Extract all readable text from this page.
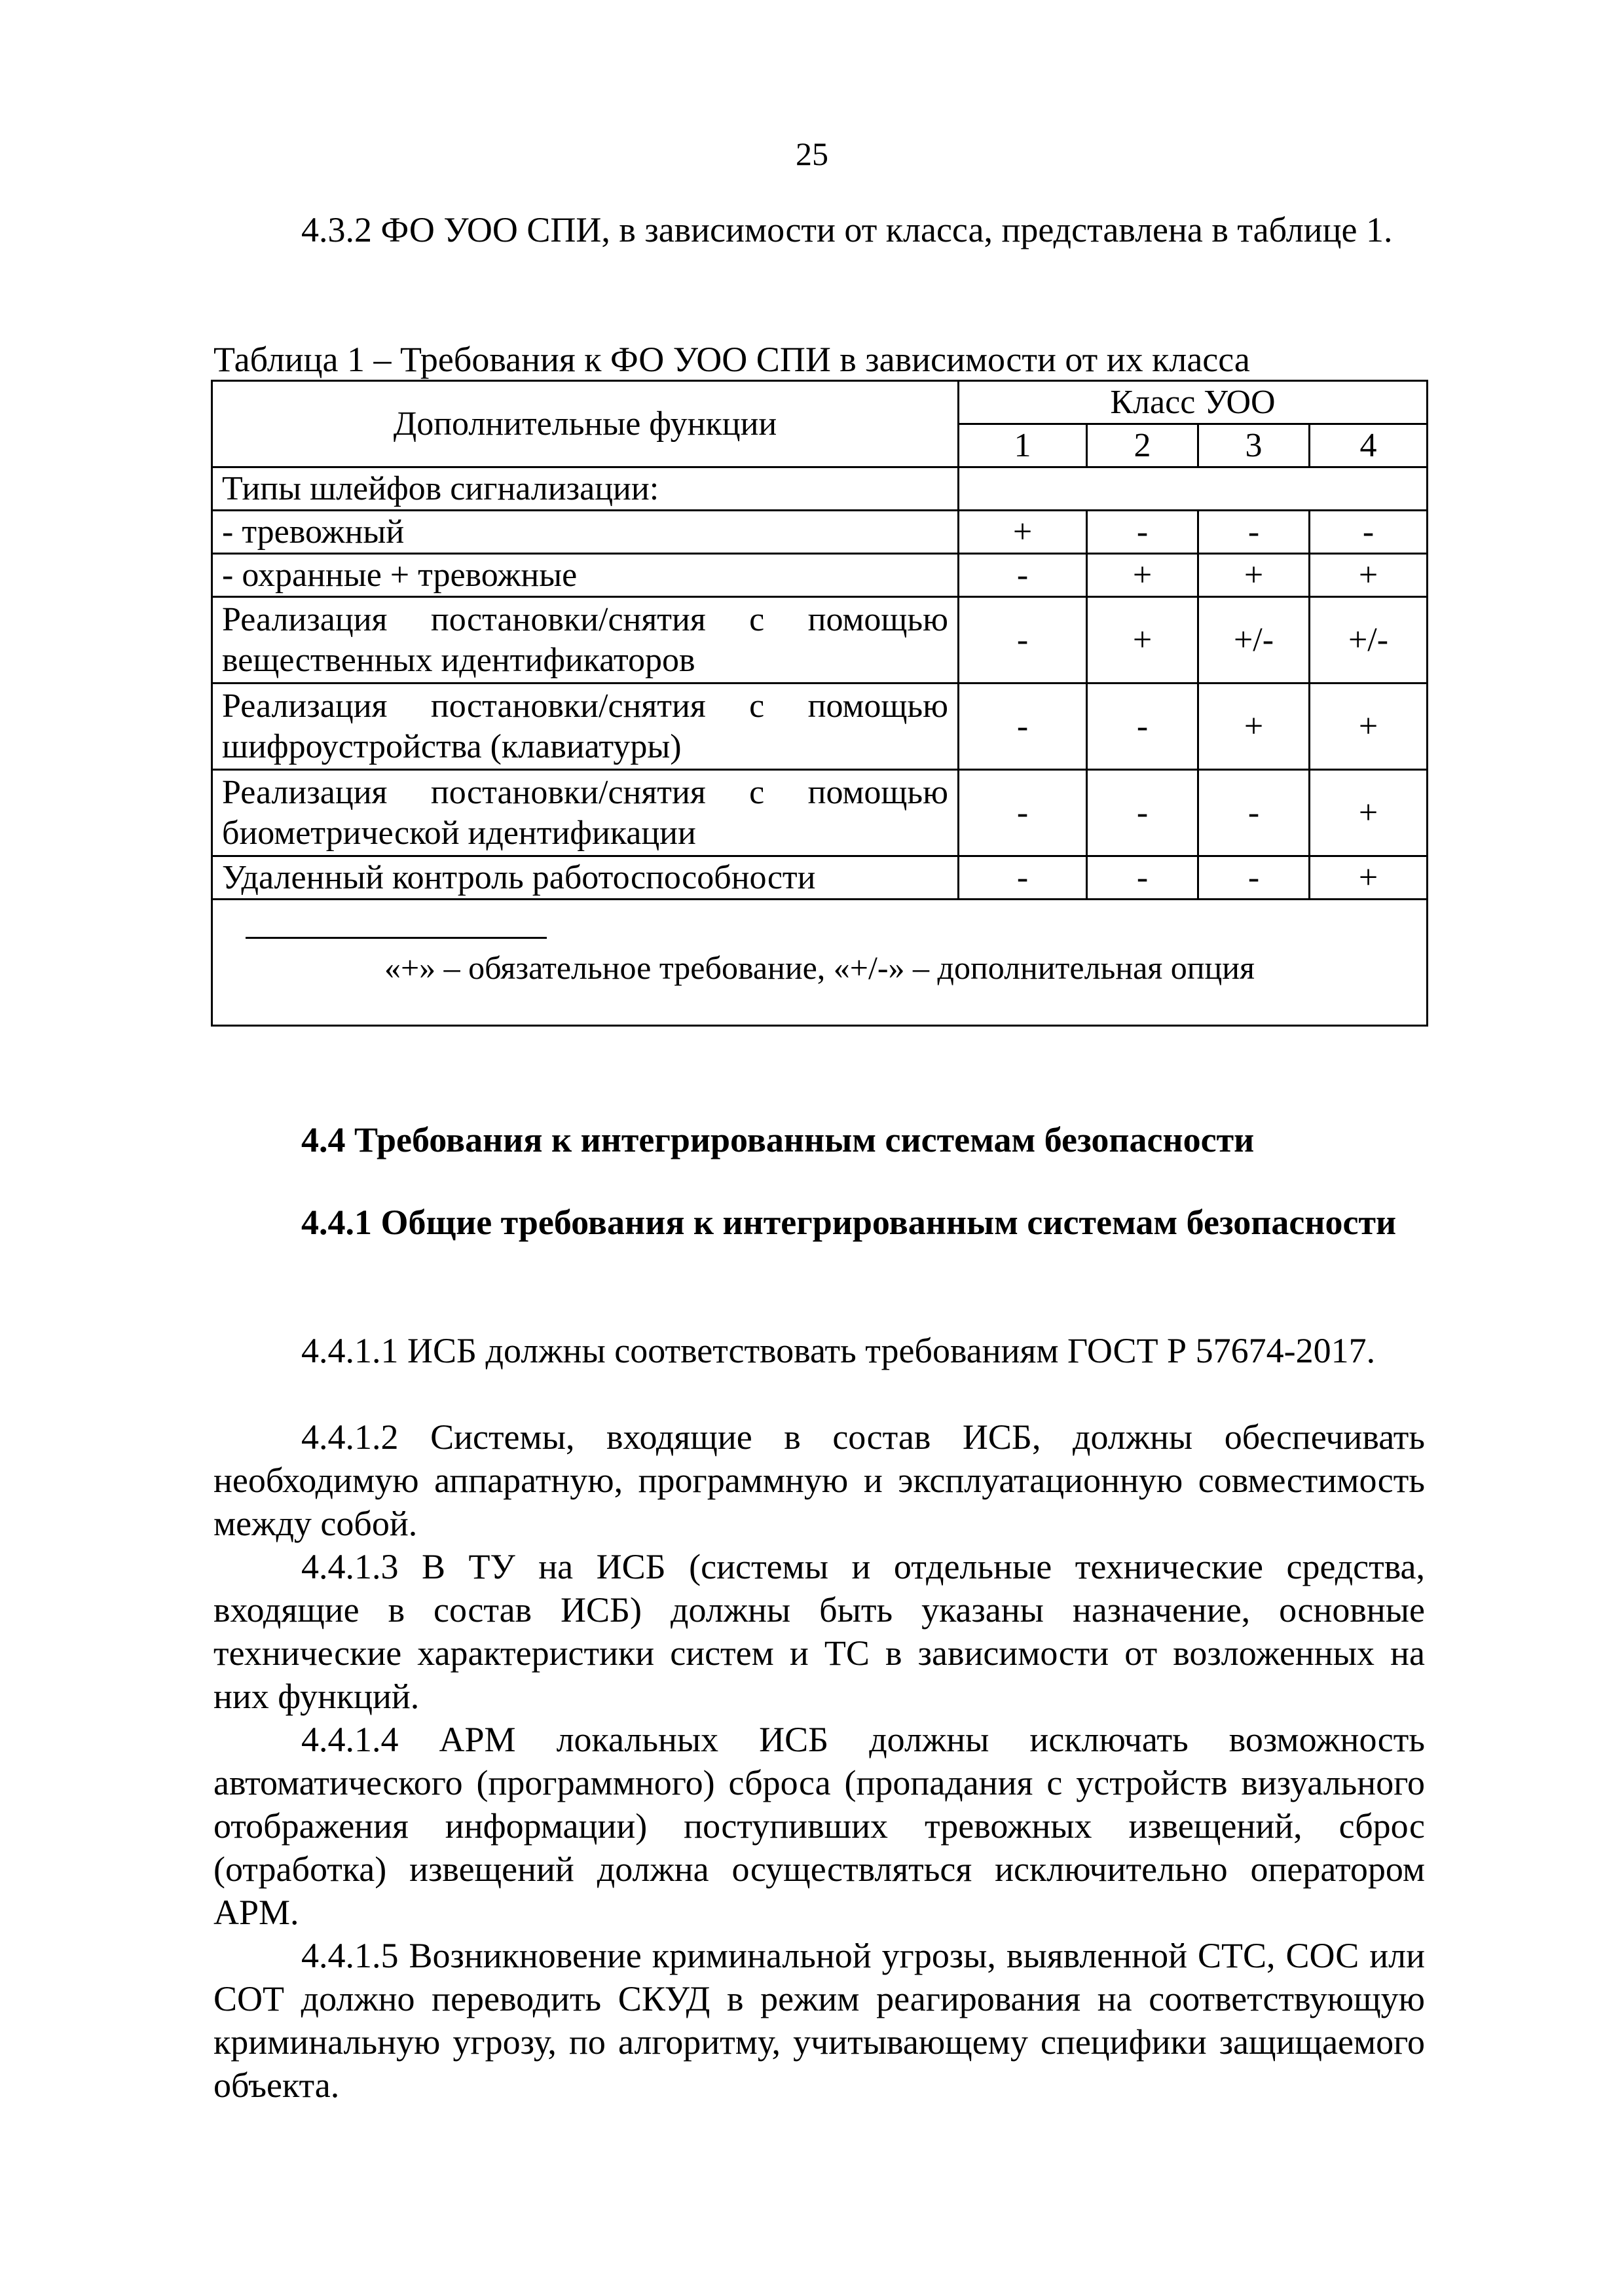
25
4.3.2 ФО УОО СПИ, в зависимости от класса, представлена в таблице 1.
Таблица 1 – Требования к ФО УОО СПИ в зависимости от их класса
Дополнительные функции	Класс УОО			
	1	2	3	4
Типы шлейфов сигнализации:				
- тревожный	+	-	-	-
- охранные + тревожные	-	+	+	+

Реализация постановки/снятия с помощью
вещественных идентификаторов	-	+	+/-	+/-

Реализация постановки/снятия с помощью
шифроустройства (клавиатуры)	-	-	+	+

Реализация постановки/снятия с помощью
биометрической идентификации	-	-	-	+
Удаленный контроль работоспособности	-	-	-	+

«+» – обязательное требование, «+/-» – дополнительная опция				
4.4 Требования к интегрированным системам безопасности
4.4.1 Общие требования к интегрированным системам безопасности
4.4.1.1 ИСБ должны соответствовать требованиям ГОСТ Р 57674-2017.
4.4.1.2 Системы, входящие в состав ИСБ, должны обеспечивать необходимую аппаратную, программную и эксплуатационную совместимость между собой.
4.4.1.3 В ТУ на ИСБ (системы и отдельные технические средства, входящие в состав ИСБ) должны быть указаны назначение, основные технические характеристики систем и ТС в зависимости от возложенных на них функций.
4.4.1.4 АРМ локальных ИСБ должны исключать возможность автоматического (программного) сброса (пропадания с устройств визуального отображения информации) поступивших тревожных извещений, сброс (отработка) извещений должна осуществляться исключительно оператором АРМ.
4.4.1.5 Возникновение криминальной угрозы, выявленной СТС, СОС или СОТ должно переводить СКУД в режим реагирования на соответствующую криминальную угрозу, по алгоритму, учитывающему специфики защищаемого объекта.
